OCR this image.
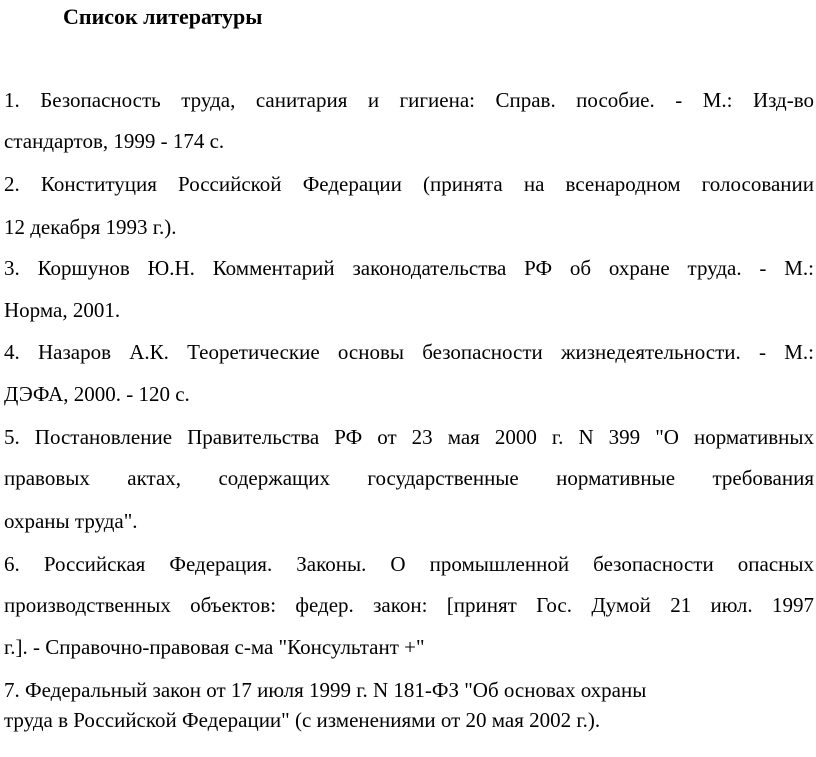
Список литературы
1. Безопасность труда, санитария и гигиена: Справ. пособие. - М.: Изд-во
стандартов, 1999 - 174 с.
2. Конституция Российской Федерации (принята на всенародном голосовании
12 декабря 1993 г.).
3. Коршунов Ю.Н. Комментарий законодательства РФ об охране труда. - М.:
Норма, 2001.
4. Назаров А.К. Теоретические основы безопасности жизнедеятельности. - М.:
ДЭФА, 2000. - 120 с.
5. Постановление Правительства РФ от 23 мая 2000 г. N 399 "О нормативных
правовых актах, содержащих государственные нормативные требования
охраны труда".
6. Российская Федерация. Законы. О промышленной безопасности опасных
производственных объектов: федер. закон: [принят Гос. Думой 21 июл. 1997
г.]. - Справочно-правовая с-ма "Консультант +"
7. Федеральный закон от 17 июля 1999 г. N 181-ФЗ "Об основах охраны
труда в Российской Федерации" (с изменениями от 20 мая 2002 г.).
